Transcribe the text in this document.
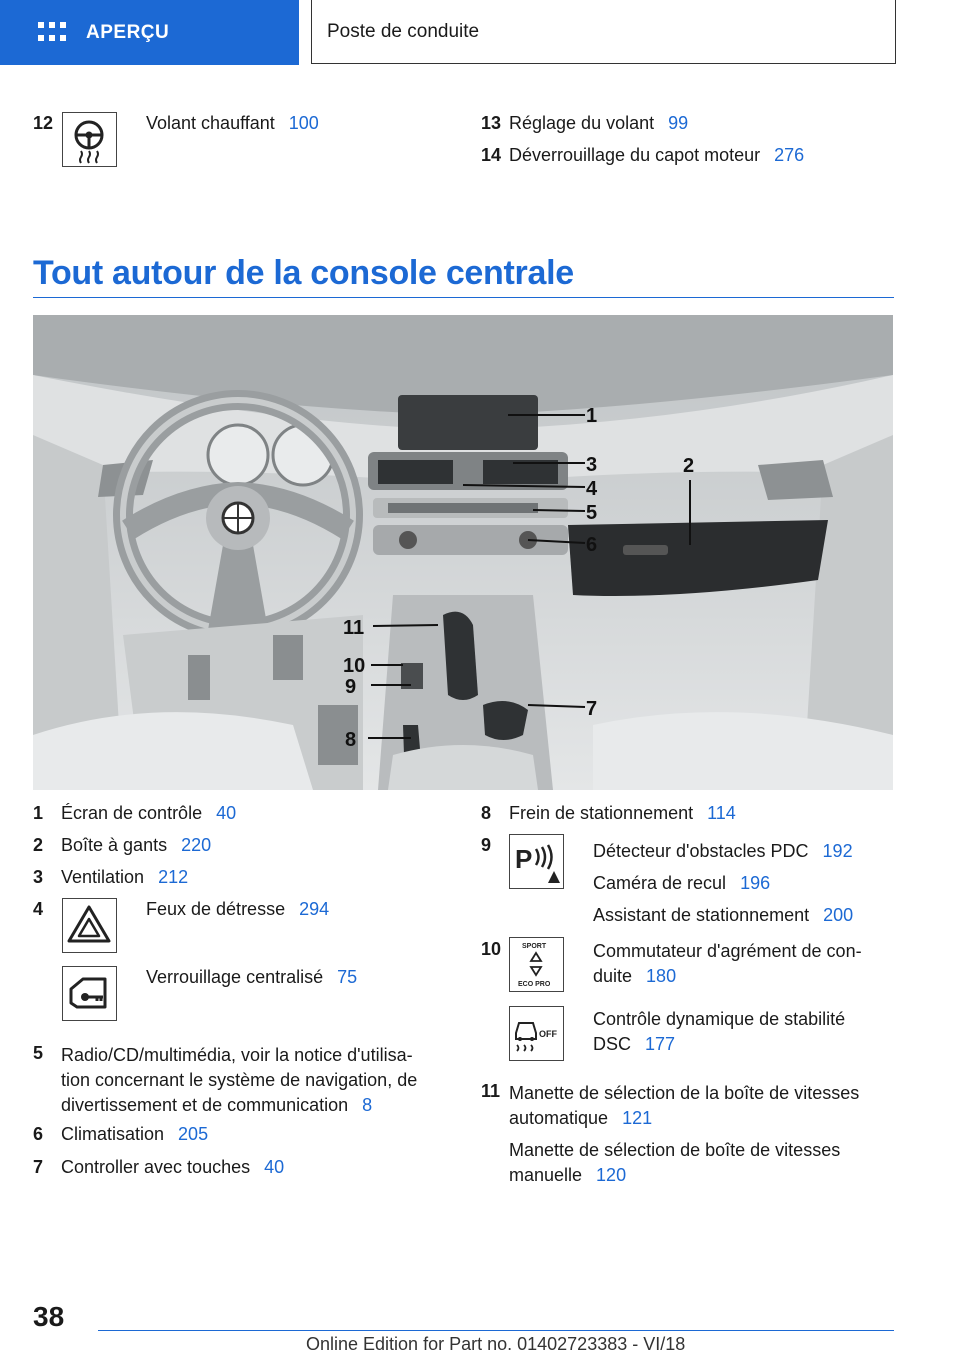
APERÇU	Poste de conduite
12	Volant chauffant 100	13 Réglage du volant 99
14 Déverrouillage du capot moteur 276
Tout autour de la console centrale
1
2
3
4
5
6
7
8
9
10
11
1 Écran de contrôle 40
2 Boîte à gants 220
3 Ventilation 212
4	Feux de détresse 294
Verrouillage centralisé 75
5 Radio/CD/multimédia, voir la notice d'utilisa-
tion concernant le système de navigation, de
divertissement et de communication 8
6 Climatisation 205
7 Controller avec touches 40
8 Frein de stationnement 114
9 P	Détecteur d'obstacles PDC 192
Caméra de recul 196
Assistant de stationnement 200
10	SPORT
ECO PRO
Commutateur d'agrément de con-
duite 180
OFF
Contrôle dynamique de stabilité
DSC 177
11 Manette de sélection de la boîte de vitesses
automatique 121
Manette de sélection de boîte de vitesses
manuelle 120
38
Online Edition for Part no. 01402723383 - VI/18
